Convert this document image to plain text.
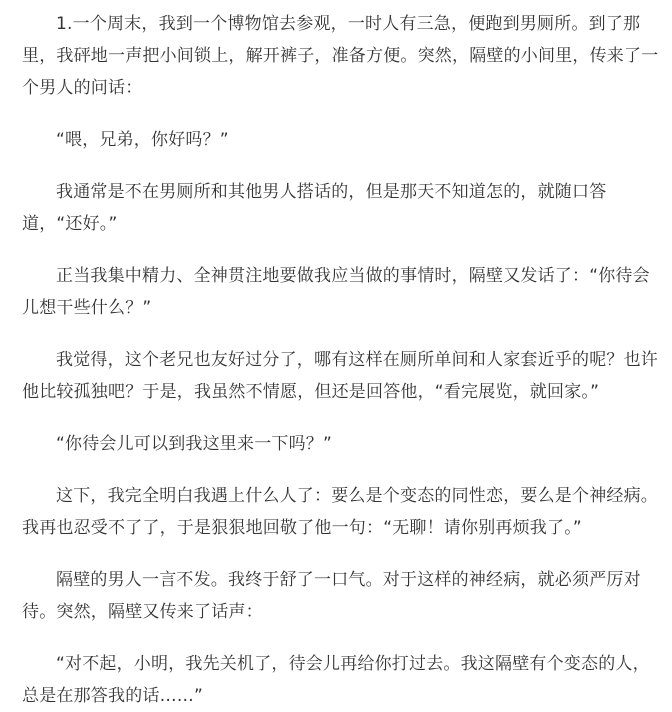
1.一个周末，我到一个博物馆去参观，一时人有三急，便跑到男厕所。到了那里，我砰地一声把小间锁上，解开裤子，准备方便。突然，隔壁的小间里，传来了一个男人的问话：

“喂，兄弟，你好吗？”

我通常是不在男厕所和其他男人搭话的，但是那天不知道怎的，就随口答道，“还好。”

正当我集中精力、全神贯注地要做我应当做的事情时，隔壁又发话了：“你待会儿想干些什么？”

我觉得，这个老兄也友好过分了，哪有这样在厕所单间和人家套近乎的呢？也许他比较孤独吧？于是，我虽然不情愿，但还是回答他，“看完展览，就回家。”

“你待会儿可以到我这里来一下吗？”

这下，我完全明白我遇上什么人了：要么是个变态的同性恋，要么是个神经病。我再也忍受不了了，于是狠狠地回敬了他一句：“无聊！请你别再烦我了。”

隔壁的男人一言不发。我终于舒了一口气。对于这样的神经病，就必须严厉对待。突然，隔壁又传来了话声：

“对不起，小明，我先关机了，待会儿再给你打过去。我这隔壁有个变态的人，总是在那答我的话……”
